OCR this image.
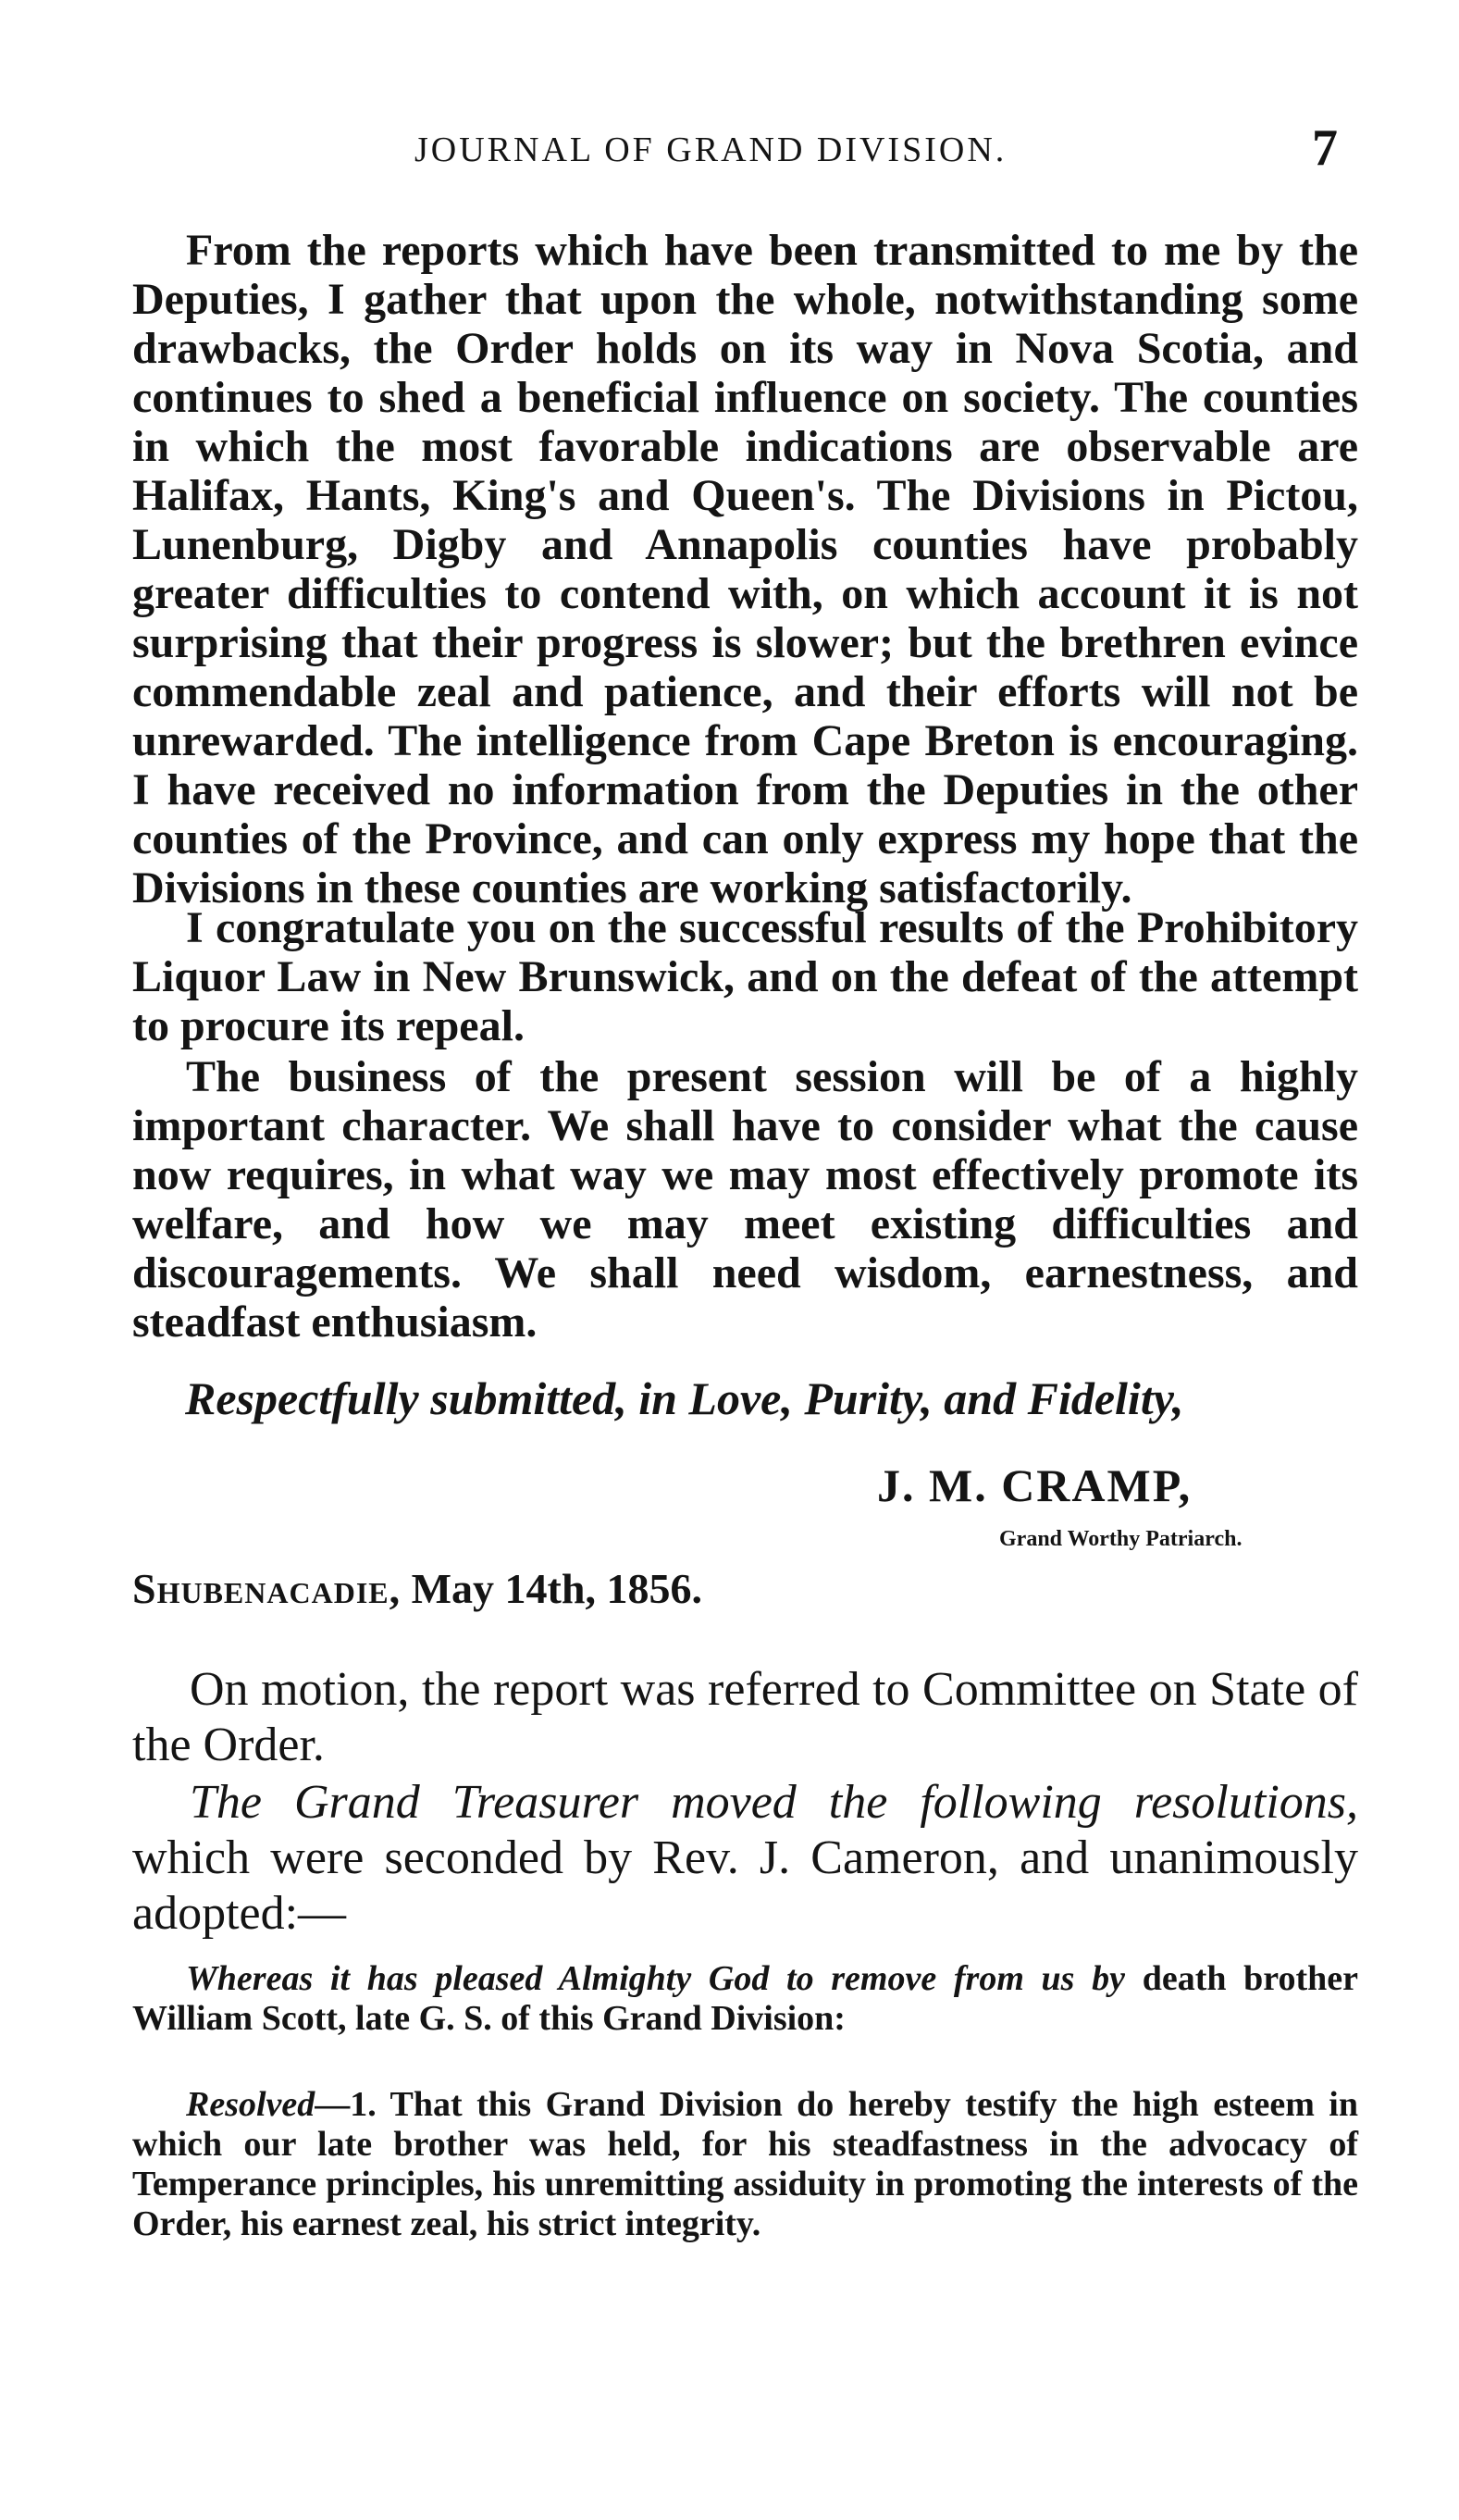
JOURNAL OF GRAND DIVISION.	7

From the reports which have been transmitted to me by the Deputies, I gather that upon the whole, notwithstanding some drawbacks, the Order holds on its way in Nova Scotia, and continues to shed a beneficial influence on society. The counties in which the most favorable indications are observable are Halifax, Hants, King's and Queen's. The Divisions in Pictou, Lunenburg, Digby and Annapolis counties have probably greater difficulties to contend with, on which account it is not surprising that their progress is slower; but the brethren evince commendable zeal and patience, and their efforts will not be unrewarded. The intelligence from Cape Breton is encouraging. I have received no information from the Deputies in the other counties of the Province, and can only express my hope that the Divisions in these counties are working satisfactorily.

I congratulate you on the successful results of the Prohibitory Liquor Law in New Brunswick, and on the defeat of the attempt to procure its repeal.

The business of the present session will be of a highly important character. We shall have to consider what the cause now requires, in what way we may most effectively promote its welfare, and how we may meet existing difficulties and discouragements. We shall need wisdom, earnestness, and steadfast enthusiasm.

Respectfully submitted, in Love, Purity, and Fidelity,
J. M. CRAMP,
Grand Worthy Patriarch.
Shubenacadie, May 14th, 1856.

On motion, the report was referred to Committee on State of the Order.

The Grand Treasurer moved the following resolutions, which were seconded by Rev. J. Cameron, and unanimously adopted:—

Whereas it has pleased Almighty God to remove from us by death brother William Scott, late G. S. of this Grand Division:

Resolved—1. That this Grand Division do hereby testify the high esteem in which our late brother was held, for his steadfastness in the advocacy of Temperance principles, his unremitting assiduity in promoting the interests of the Order, his earnest zeal, his strict integrity.
